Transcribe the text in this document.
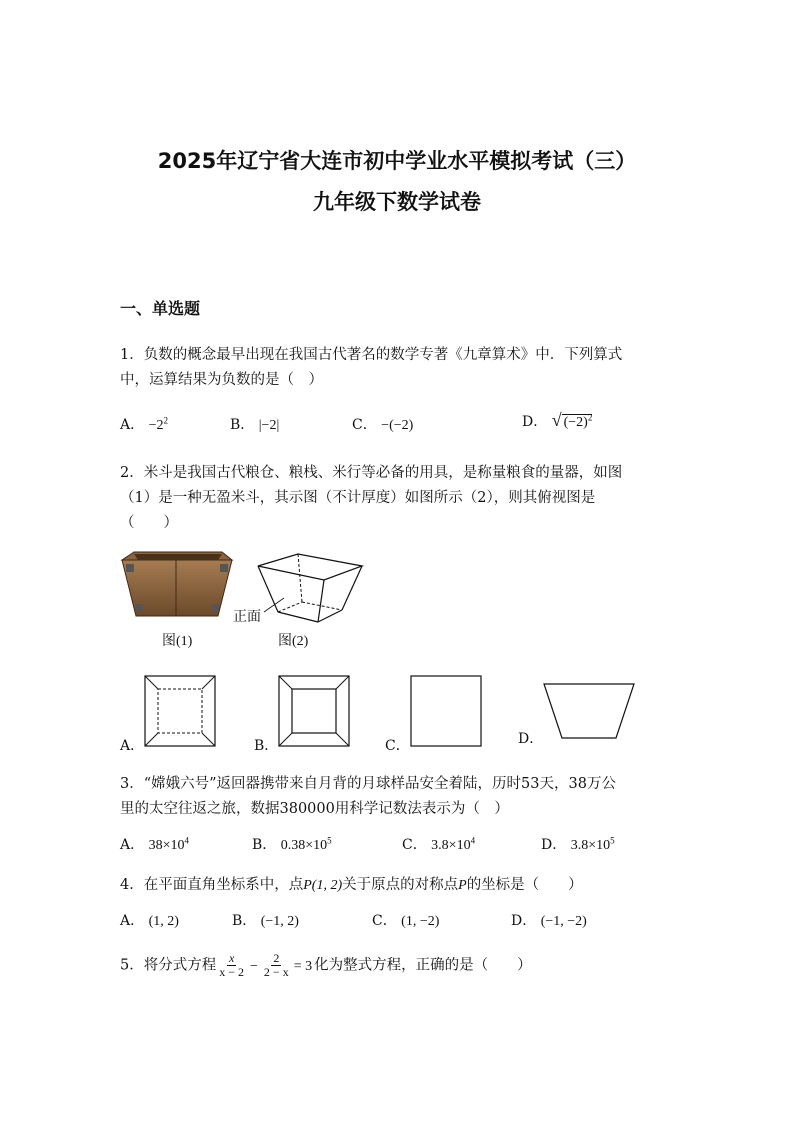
2025年辽宁省大连市初中学业水平模拟考试（三）
九年级下数学试卷
一、单选题
1．负数的概念最早出现在我国古代著名的数学专著《九章算术》中．下列算式
中，运算结果为负数的是（　）
A． $-2^2$	B． |−2|	C． −(−2)	D． √ $(-2)^2$
2．米斗是我国古代粮仓、粮栈、米行等必备的用具，是称量粮食的量器，如图
（1）是一种无盈米斗，其示图（不计厚度）如图所示（2），则其俯视图是
（　　）
正面
图(1)	图(2)
A．	B．	C．	D．
3．“嫦娥六号”返回器携带来自月背的月球样品安全着陆，历时53天，38万公
里的太空往返之旅，数据380000用科学记数法表示为（　）
A． $38\times 10^4$	B． $0.38\times 10^5$	C． $3.8\times 10^4$	D． $3.8\times 10^5$
4．在平面直角坐标系中，点P(1, 2)关于原点的对称点P的坐标是（　　）
A． (1, 2)	B． (−1, 2)	C． (1, −2)	D． (−1, −2)
5．将分式方程 $\frac{x}{x - 2} - \frac{2}{2 - x} = 3$ 化为整式方程，正确的是（　　）
